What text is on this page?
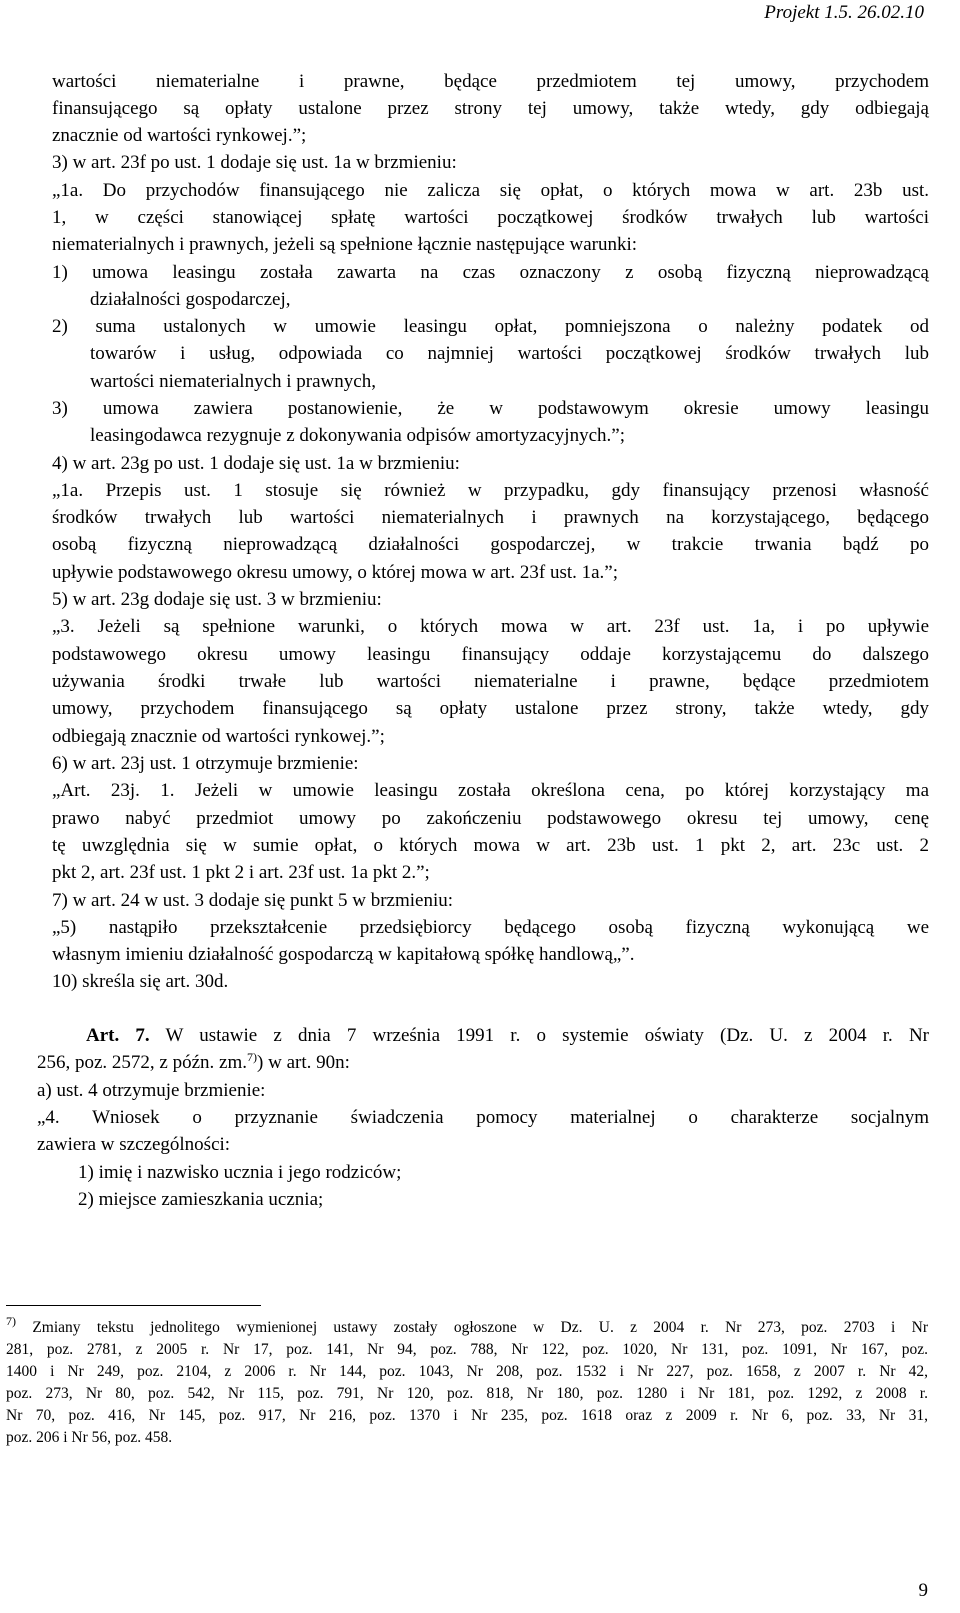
Projekt 1.5. 26.02.10
wartości niematerialne i prawne, będące przedmiotem tej umowy, przychodem
finansującego są opłaty ustalone przez strony tej umowy, także wtedy, gdy odbiegają
znacznie od wartości rynkowej.”;
3) w art. 23f po ust. 1 dodaje się ust. 1a w brzmieniu:
„1a. Do przychodów finansującego nie zalicza się opłat, o których mowa w art. 23b ust.
1, w części stanowiącej spłatę wartości początkowej środków trwałych lub wartości
niematerialnych i prawnych, jeżeli są spełnione łącznie następujące warunki:
1) umowa leasingu została zawarta na czas oznaczony z osobą fizyczną nieprowadzącą
działalności gospodarczej,
2) suma ustalonych w umowie leasingu opłat, pomniejszona o należny podatek od
towarów i usług, odpowiada co najmniej wartości początkowej środków trwałych lub
wartości niematerialnych i prawnych,
3) umowa zawiera postanowienie, że w podstawowym okresie umowy leasingu
leasingodawca rezygnuje z dokonywania odpisów amortyzacyjnych.”;
4) w art. 23g po ust. 1 dodaje się ust. 1a w brzmieniu:
„1a. Przepis ust. 1 stosuje się również w przypadku, gdy finansujący przenosi własność
środków trwałych lub wartości niematerialnych i prawnych na korzystającego, będącego
osobą fizyczną nieprowadzącą działalności gospodarczej, w trakcie trwania bądź po
upływie podstawowego okresu umowy, o której mowa w art. 23f ust. 1a.”;
5) w art. 23g dodaje się ust. 3 w brzmieniu:
„3. Jeżeli są spełnione warunki, o których mowa w art. 23f ust. 1a, i po upływie
podstawowego okresu umowy leasingu finansujący oddaje korzystającemu do dalszego
używania środki trwałe lub wartości niematerialne i prawne, będące przedmiotem
umowy, przychodem finansującego są opłaty ustalone przez strony, także wtedy, gdy
odbiegają znacznie od wartości rynkowej.”;
6) w art. 23j ust. 1 otrzymuje brzmienie:
„Art. 23j. 1. Jeżeli w umowie leasingu została określona cena, po której korzystający ma
prawo nabyć przedmiot umowy po zakończeniu podstawowego okresu tej umowy, cenę
tę uwzględnia się w sumie opłat, o których mowa w art. 23b ust. 1 pkt 2, art. 23c ust. 2
pkt 2, art. 23f ust. 1 pkt 2 i art. 23f ust. 1a pkt 2.”;
7) w art. 24 w ust. 3 dodaje się punkt 5 w brzmieniu:
„5) nastąpiło przekształcenie przedsiębiorcy będącego osobą fizyczną wykonującą we
własnym imieniu działalność gospodarczą w kapitałową spółkę handlową„”.
10) skreśla się art. 30d.
Art. 7. W ustawie z dnia 7 września 1991 r. o systemie oświaty (Dz. U. z 2004 r. Nr
256, poz. 2572, z późn. zm.$^{7)}$) w art. 90n:
a) ust. 4 otrzymuje brzmienie:
„4. Wniosek o przyznanie świadczenia pomocy materialnej o charakterze socjalnym
zawiera w szczególności:
1) imię i nazwisko ucznia i jego rodziców;
2) miejsce zamieszkania ucznia;
$^{7)}$ Zmiany tekstu jednolitego wymienionej ustawy zostały ogłoszone w Dz. U. z 2004 r. Nr 273, poz. 2703 i Nr
281, poz. 2781, z 2005 r. Nr 17, poz. 141, Nr 94, poz. 788, Nr 122, poz. 1020, Nr 131, poz. 1091, Nr 167, poz.
1400 i Nr 249, poz. 2104, z 2006 r. Nr 144, poz. 1043, Nr 208, poz. 1532 i Nr 227, poz. 1658, z 2007 r. Nr 42,
poz. 273, Nr 80, poz. 542, Nr 115, poz. 791, Nr 120, poz. 818, Nr 180, poz. 1280 i Nr 181, poz. 1292, z 2008 r.
Nr 70, poz. 416, Nr 145, poz. 917, Nr 216, poz. 1370 i Nr 235, poz. 1618 oraz z 2009 r. Nr 6, poz. 33, Nr 31,
poz. 206 i Nr 56, poz. 458.
9
